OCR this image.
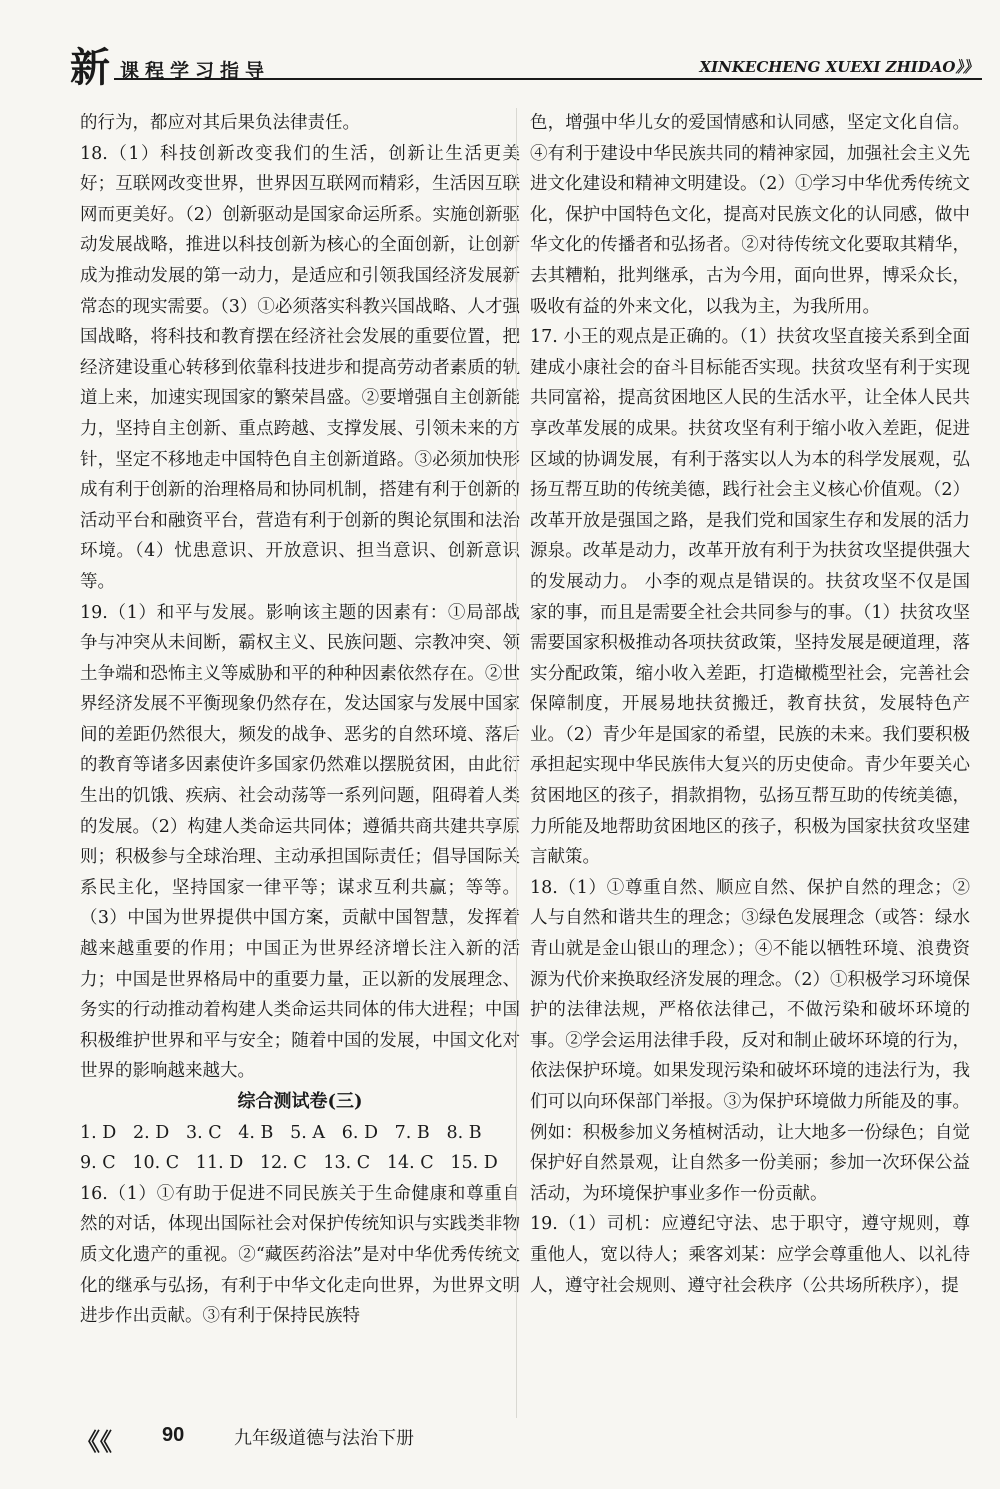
新 课程学习指导	XINKECHENG XUEXI ZHIDAO》》

的行为，都应对其后果负法律责任。

18.（1）科技创新改变我们的生活，创新让生活更美好；互联网改变世界，世界因互联网而精彩，生活因互联网而更美好。（2）创新驱动是国家命运所系。实施创新驱动发展战略，推进以科技创新为核心的全面创新，让创新成为推动发展的第一动力，是适应和引领我国经济发展新常态的现实需要。（3）①必须落实科教兴国战略、人才强国战略，将科技和教育摆在经济社会发展的重要位置，把经济建设重心转移到依靠科技进步和提高劳动者素质的轨道上来，加速实现国家的繁荣昌盛。②要增强自主创新能力，坚持自主创新、重点跨越、支撑发展、引领未来的方针，坚定不移地走中国特色自主创新道路。③必须加快形成有利于创新的治理格局和协同机制，搭建有利于创新的活动平台和融资平台，营造有利于创新的舆论氛围和法治环境。（4）忧患意识、开放意识、担当意识、创新意识等。

19.（1）和平与发展。影响该主题的因素有：①局部战争与冲突从未间断，霸权主义、民族问题、宗教冲突、领土争端和恐怖主义等威胁和平的种种因素依然存在。②世界经济发展不平衡现象仍然存在，发达国家与发展中国家间的差距仍然很大，频发的战争、恶劣的自然环境、落后的教育等诸多因素使许多国家仍然难以摆脱贫困，由此衍生出的饥饿、疾病、社会动荡等一系列问题，阻碍着人类的发展。（2）构建人类命运共同体；遵循共商共建共享原则；积极参与全球治理、主动承担国际责任；倡导国际关系民主化，坚持国家一律平等；谋求互利共赢；等等。（3）中国为世界提供中国方案，贡献中国智慧，发挥着越来越重要的作用；中国正为世界经济增长注入新的活力；中国是世界格局中的重要力量，正以新的发展理念、务实的行动推动着构建人类命运共同体的伟大进程；中国积极维护世界和平与安全；随着中国的发展，中国文化对世界的影响越来越大。

综合测试卷(三)

1. D   2. D   3. C   4. B   5. A   6. D   7. B   8. B

9. C   10. C   11. D   12. C   13. C   14. C   15. D

16.（1）①有助于促进不同民族关于生命健康和尊重自然的对话，体现出国际社会对保护传统知识与实践类非物质文化遗产的重视。②“藏医药浴法”是对中华优秀传统文化的继承与弘扬，有利于中华文化走向世界，为世界文明进步作出贡献。③有利于保持民族特

色，增强中华儿女的爱国情感和认同感，坚定文化自信。④有利于建设中华民族共同的精神家园，加强社会主义先进文化建设和精神文明建设。（2）①学习中华优秀传统文化，保护中国特色文化，提高对民族文化的认同感，做中华文化的传播者和弘扬者。②对待传统文化要取其精华，去其糟粕，批判继承，古为今用，面向世界，博采众长，吸收有益的外来文化，以我为主，为我所用。

17. 小王的观点是正确的。（1）扶贫攻坚直接关系到全面建成小康社会的奋斗目标能否实现。扶贫攻坚有利于实现共同富裕，提高贫困地区人民的生活水平，让全体人民共享改革发展的成果。扶贫攻坚有利于缩小收入差距，促进区域的协调发展，有利于落实以人为本的科学发展观，弘扬互帮互助的传统美德，践行社会主义核心价值观。（2）改革开放是强国之路，是我们党和国家生存和发展的活力源泉。改革是动力，改革开放有利于为扶贫攻坚提供强大的发展动力。 小李的观点是错误的。扶贫攻坚不仅是国家的事，而且是需要全社会共同参与的事。（1）扶贫攻坚需要国家积极推动各项扶贫政策，坚持发展是硬道理，落实分配政策，缩小收入差距，打造橄榄型社会，完善社会保障制度，开展易地扶贫搬迁，教育扶贫，发展特色产业。（2）青少年是国家的希望，民族的未来。我们要积极承担起实现中华民族伟大复兴的历史使命。青少年要关心贫困地区的孩子，捐款捐物，弘扬互帮互助的传统美德，力所能及地帮助贫困地区的孩子，积极为国家扶贫攻坚建言献策。

18.（1）①尊重自然、顺应自然、保护自然的理念；②人与自然和谐共生的理念；③绿色发展理念（或答：绿水青山就是金山银山的理念）；④不能以牺牲环境、浪费资源为代价来换取经济发展的理念。（2）①积极学习环境保护的法律法规，严格依法律己，不做污染和破坏环境的事。②学会运用法律手段，反对和制止破坏环境的行为，依法保护环境。如果发现污染和破坏环境的违法行为，我们可以向环保部门举报。③为保护环境做力所能及的事。例如：积极参加义务植树活动，让大地多一份绿色；自觉保护好自然景观，让自然多一份美丽；参加一次环保公益活动，为环境保护事业多作一份贡献。

19.（1）司机：应遵纪守法、忠于职守，遵守规则，尊重他人，宽以待人；乘客刘某：应学会尊重他人、以礼待人，遵守社会规则、遵守社会秩序（公共场所秩序），提

《《	90	九年级道德与法治下册
